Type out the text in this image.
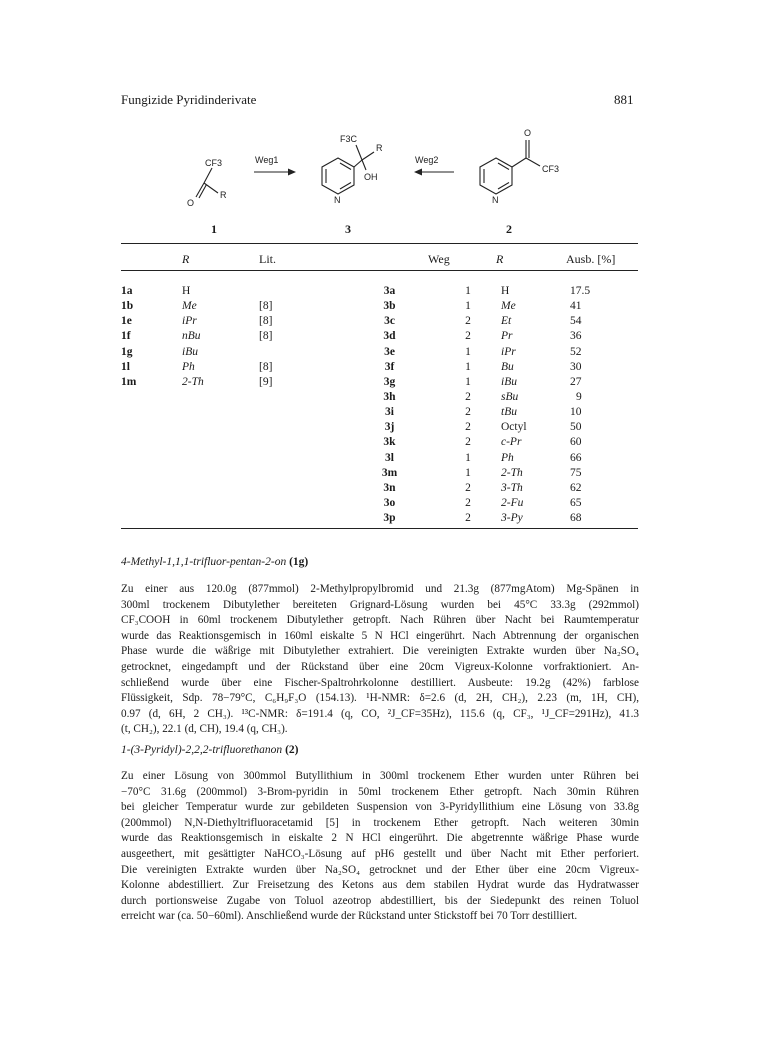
Fungizide Pyridinderivate	881
CF3
O
R
Weg1
F3C
R
OH
N
Weg2
O
CF3
N
1	3	2
R	Lit.	Weg	R	Ausb. [%]
1a	H		3a	1	H	17.5
1b	Me	[8]	3b	1	Me	41
1e	iPr	[8]	3c	2	Et	54
1f	nBu	[8]	3d	2	Pr	36
1g	iBu		3e	1	iPr	52
1l	Ph	[8]	3f	1	Bu	30
1m	2-Th	[9]	3g	1	iBu	27
			3h	2	sBu	9
			3i	2	tBu	10
			3j	2	Octyl	50
			3k	2	c-Pr	60
			3l	1	Ph	66
			3m	1	2-Th	75
			3n	2	3-Th	62
			3o	2	2-Fu	65
			3p	2	3-Py	68
4-Methyl-1,1,1-trifluor-pentan-2-on (1g)
Zu einer aus 120.0g (877mmol) 2-Methylpropylbromid und 21.3g (877mgAtom) Mg-Spänen in
300ml trockenem Dibutylether bereiteten Grignard-Lösung wurden bei 45°C 33.3g (292mmol)
CF₃COOH in 60ml trockenem Dibutylether getropft. Nach Rühren über Nacht bei Raumtemperatur
wurde das Reaktionsgemisch in 160ml eiskalte 5 N HCl eingerührt. Nach Abtrennung der organischen
Phase wurde die wäßrige mit Dibutylether extrahiert. Die vereinigten Extrakte wurden über Na₂SO₄
getrocknet, eingedampft und der Rückstand über eine 20cm Vigreux-Kolonne vorfraktioniert. An-
schließend wurde über eine Fischer-Spaltrohrkolonne destilliert. Ausbeute: 19.2g (42%) farblose
Flüssigkeit, Sdp. 78−79°C, C₆H₉F₃O (154.13). ¹H-NMR: δ=2.6 (d, 2H, CH₂), 2.23 (m, 1H, CH),
0.97 (d, 6H, 2 CH₃). ¹³C-NMR: δ=191.4 (q, CO, ²J_CF=35Hz), 115.6 (q, CF₃, ¹J_CF=291Hz), 41.3
(t, CH₂), 22.1 (d, CH), 19.4 (q, CH₃).
1-(3-Pyridyl)-2,2,2-trifluorethanon (2)
Zu einer Lösung von 300mmol Butyllithium in 300ml trockenem Ether wurden unter Rühren bei
−70°C 31.6g (200mmol) 3-Brom-pyridin in 50ml trockenem Ether getropft. Nach 30min Rühren
bei gleicher Temperatur wurde zur gebildeten Suspension von 3-Pyridyllithium eine Lösung von 33.8g
(200mmol) N,N-Diethyltrifluoracetamid [5] in trockenem Ether getropft. Nach weiteren 30min
wurde das Reaktionsgemisch in eiskalte 2 N HCl eingerührt. Die abgetrennte wäßrige Phase wurde
ausgeethert, mit gesättigter NaHCO₃-Lösung auf pH6 gestellt und über Nacht mit Ether perforiert.
Die vereinigten Extrakte wurden über Na₂SO₄ getrocknet und der Ether über eine 20cm Vigreux-
Kolonne abdestilliert. Zur Freisetzung des Ketons aus dem stabilen Hydrat wurde das Hydratwasser
durch portionsweise Zugabe von Toluol azeotrop abdestilliert, bis der Siedepunkt des reinen Toluol
erreicht war (ca. 50−60ml). Anschließend wurde der Rückstand unter Stickstoff bei 70 Torr destilliert.
